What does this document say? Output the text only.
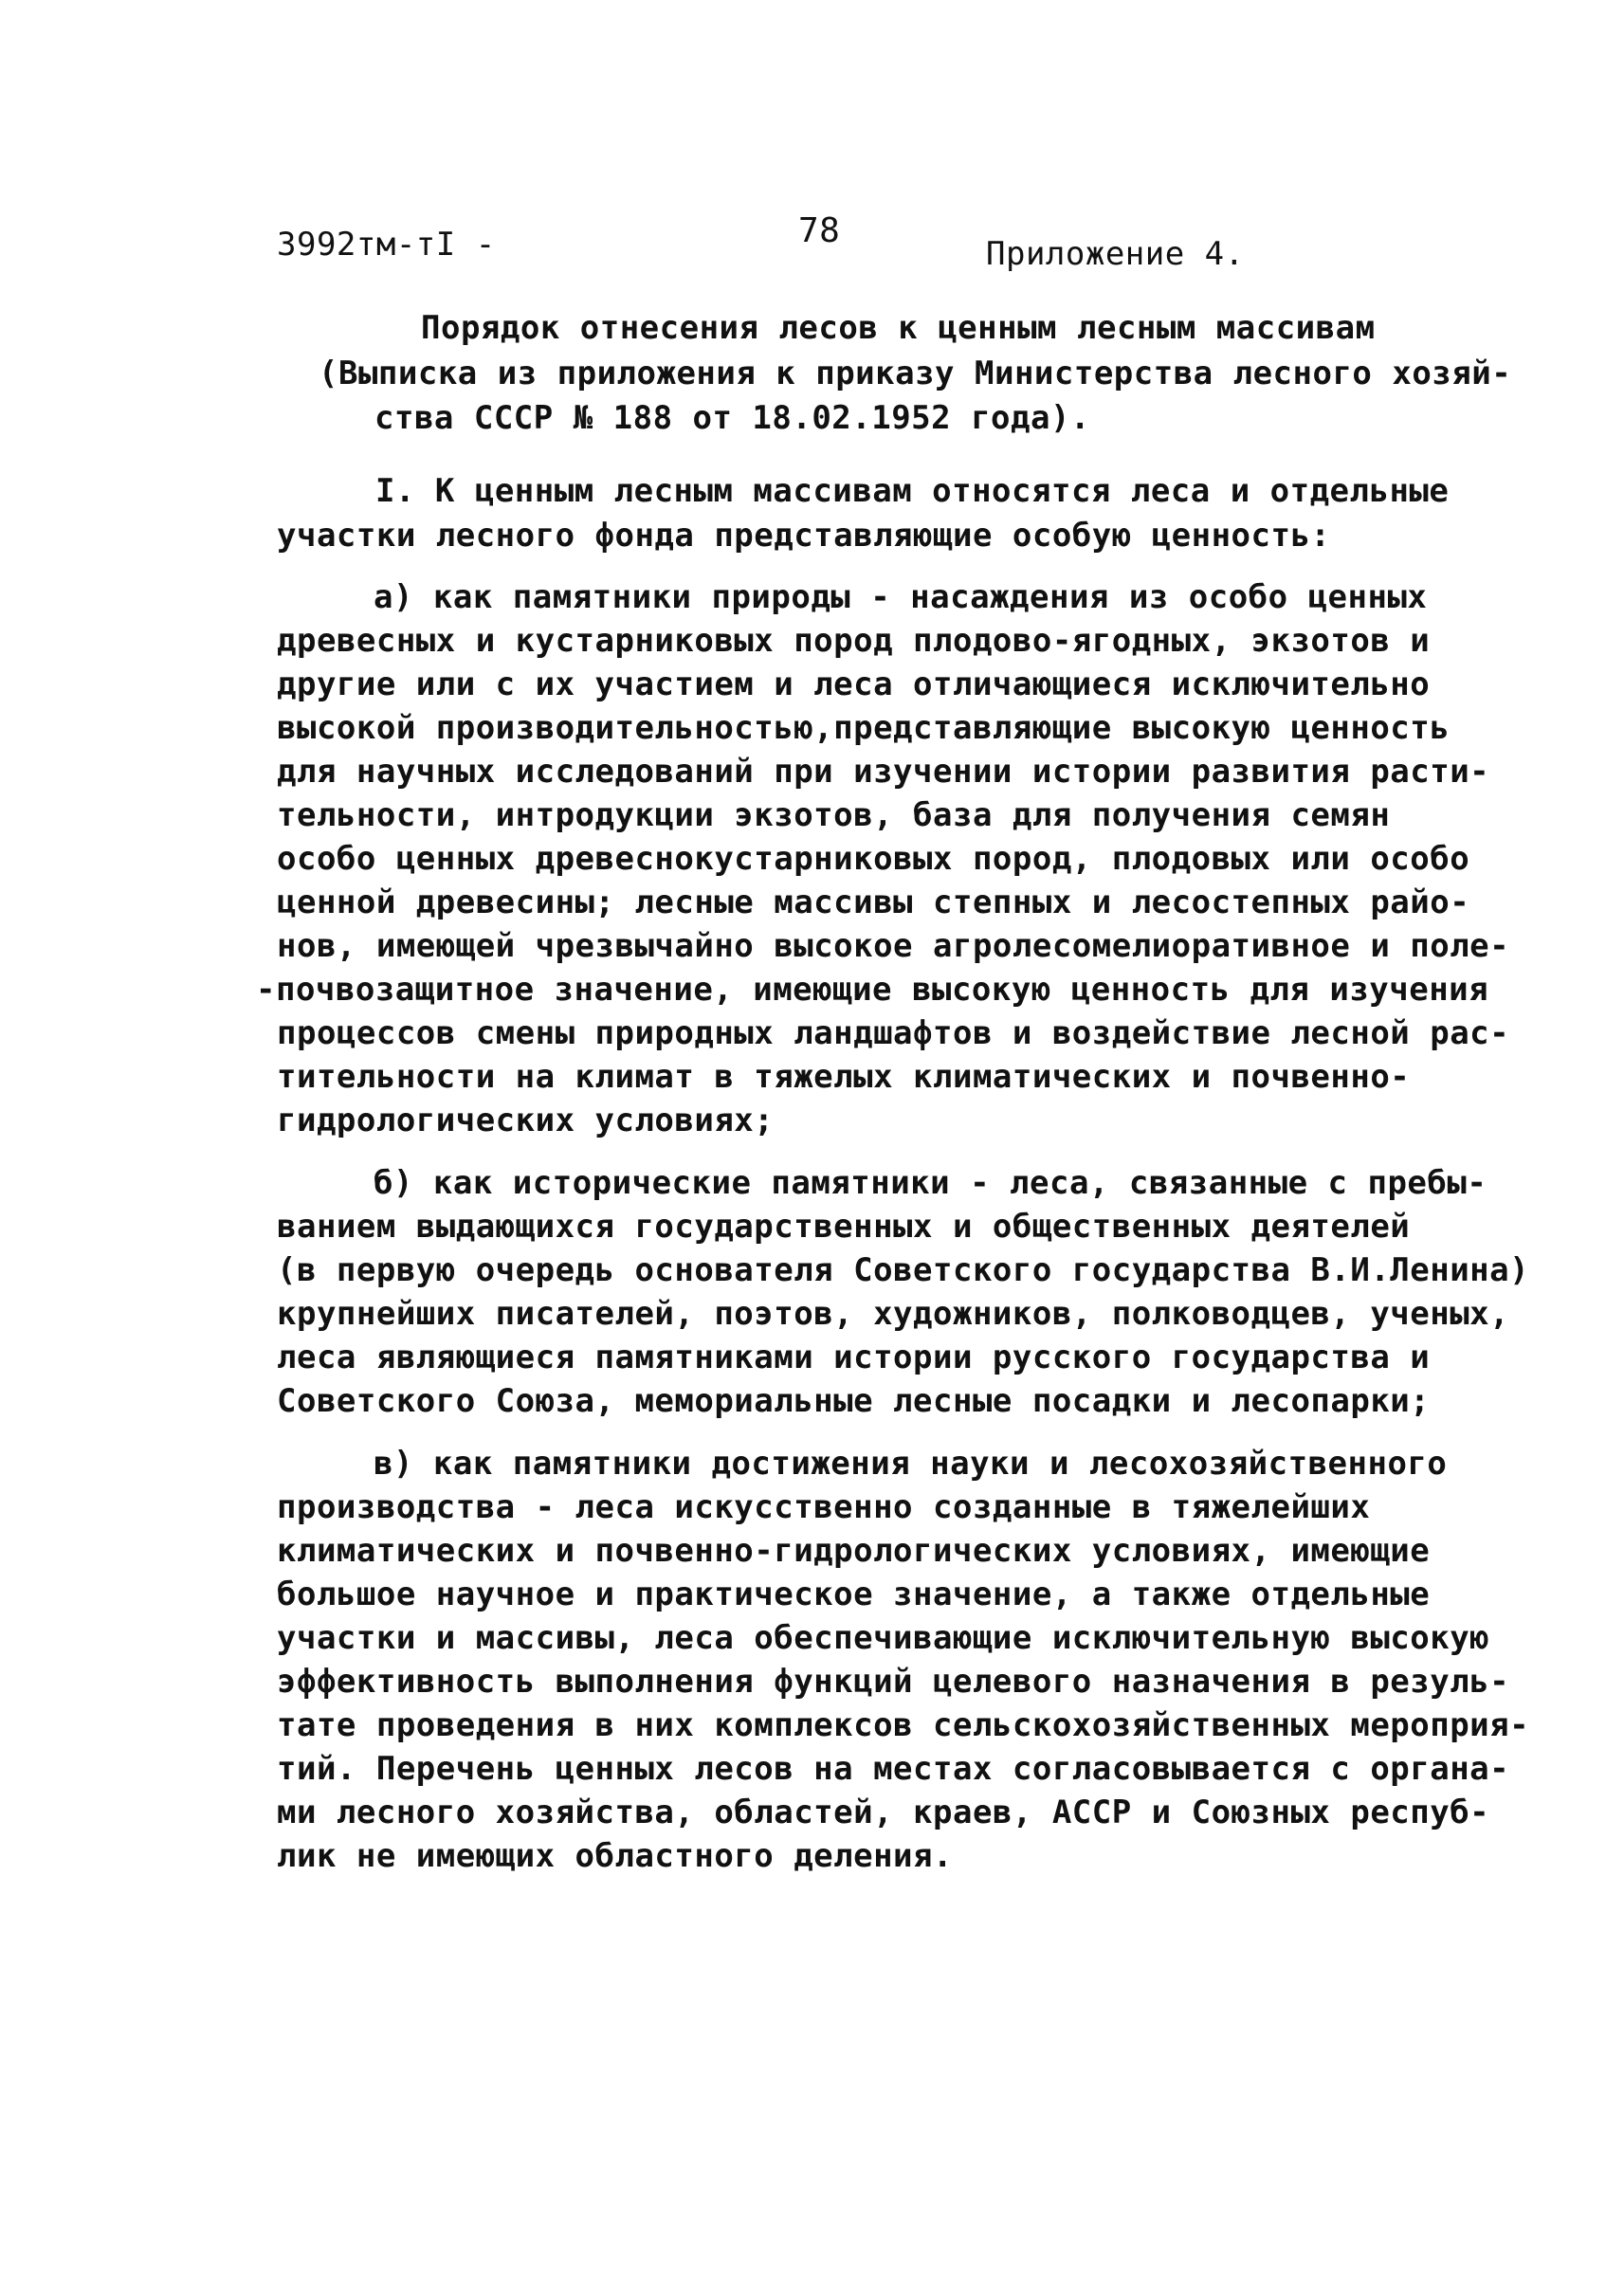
3992тм-тI -	78
Приложение 4.
Порядок отнесения лесов к ценным лесным массивам
(Выписка из приложения к приказу Министерства лесного хозяй-
ства СССР № 188 от 18.02.1952 года).
I. К ценным лесным массивам относятся леса и отдельные
участки лесного фонда представляющие особую ценность:
а) как памятники природы - насаждения из особо ценных
древесных и кустарниковых пород плодово-ягодных, экзотов и
другие или с их участием и леса отличающиеся исключительно
высокой производительностью,представляющие высокую ценность
для научных исследований при изучении истории развития расти-
тельности, интродукции экзотов, база для получения семян
особо ценных древеснокустарниковых пород, плодовых или особо
ценной древесины; лесные массивы степных и лесостепных райо-
нов, имеющей чрезвычайно высокое агролесомелиоративное и поле-
-почвозащитное значение, имеющие высокую ценность для изучения
процессов смены природных ландшафтов и воздействие лесной рас-
тительности на климат в тяжелых климатических и почвенно-
гидрологических условиях;
б) как исторические памятники - леса, связанные с пребы-
ванием выдающихся государственных и общественных деятелей
(в первую очередь основателя Советского государства В.И.Ленина)
крупнейших писателей, поэтов, художников, полководцев, ученых,
леса являющиеся памятниками истории русского государства и
Советского Союза, мемориальные лесные посадки и лесопарки;
в) как памятники достижения науки и лесохозяйственного
производства - леса искусственно созданные в тяжелейших
климатических и почвенно-гидрологических условиях, имеющие
большое научное и практическое значение, а также отдельные
участки и массивы, леса обеспечивающие исключительную высокую
эффективность выполнения функций целевого назначения в резуль-
тате проведения в них комплексов сельскохозяйственных мероприя-
тий. Перечень ценных лесов на местах согласовывается с органа-
ми лесного хозяйства, областей, краев, АССР и Союзных респуб-
лик не имеющих областного деления.
